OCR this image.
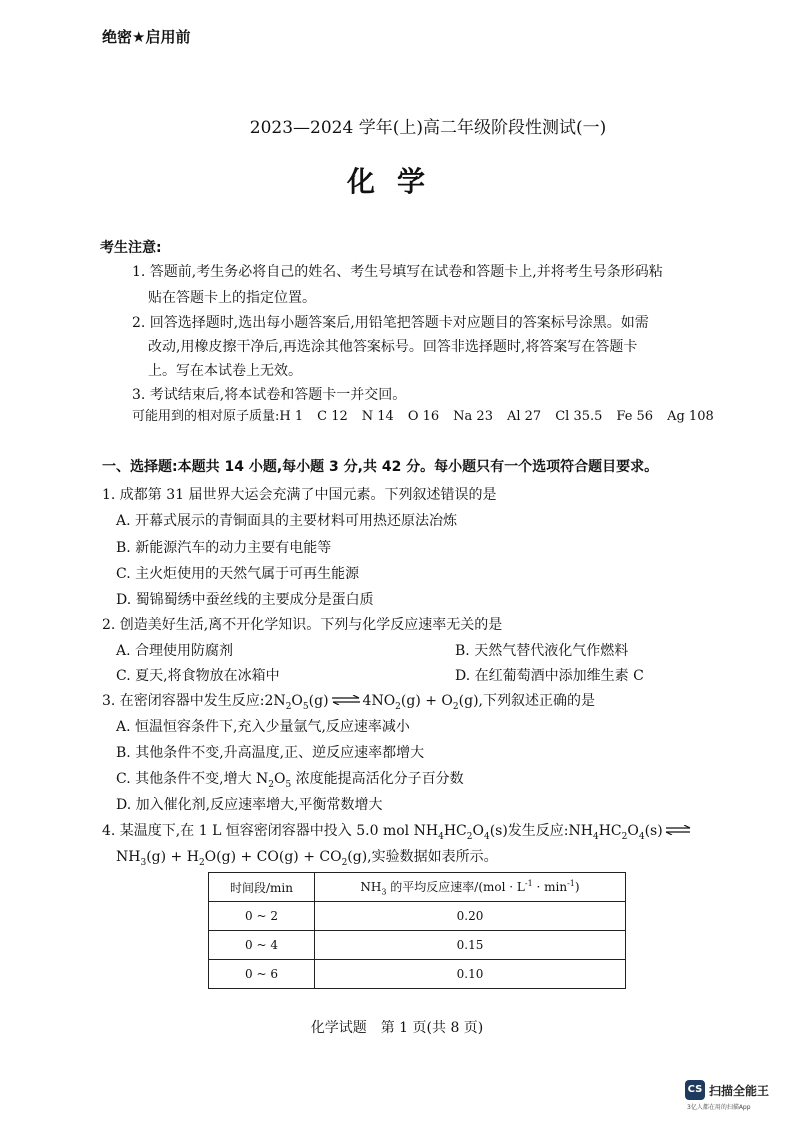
绝密★启用前
2023—2024 学年(上)高二年级阶段性测试(一)
化学
考生注意:
1. 答题前,考生务必将自己的姓名、考生号填写在试卷和答题卡上,并将考生号条形码粘
贴在答题卡上的指定位置。
2. 回答选择题时,选出每小题答案后,用铅笔把答题卡对应题目的答案标号涂黑。如需
改动,用橡皮擦干净后,再选涂其他答案标号。回答非选择题时,将答案写在答题卡
上。写在本试卷上无效。
3. 考试结束后,将本试卷和答题卡一并交回。
可能用到的相对原子质量:H 1 C 12 N 14 O 16 Na 23 Al 27 Cl 35.5 Fe 56 Ag 108
一、选择题:本题共 14 小题,每小题 3 分,共 42 分。每小题只有一个选项符合题目要求。
1. 成都第 31 届世界大运会充满了中国元素。下列叙述错误的是
A. 开幕式展示的青铜面具的主要材料可用热还原法冶炼
B. 新能源汽车的动力主要有电能等
C. 主火炬使用的天然气属于可再生能源
D. 蜀锦蜀绣中蚕丝线的主要成分是蛋白质
2. 创造美好生活,离不开化学知识。下列与化学反应速率无关的是
A. 合理使用防腐剂	B. 天然气替代液化气作燃料
C. 夏天,将食物放在冰箱中	D. 在红葡萄酒中添加维生素 C
3. 在密闭容器中发生反应$:2N_2O_5(g)$ ⇌ $4NO_2(g) + O_2(g)$,下列叙述正确的是
A. 恒温恒容条件下,充入少量氩气,反应速率减小
B. 其他条件不变,升高温度,正、逆反应速率都增大
C. 其他条件不变,增大 $N_2O_5$ 浓度能提高活化分子百分数
D. 加入催化剂,反应速率增大,平衡常数增大
4. 某温度下,在 1 L 恒容密闭容器中投入 5.0 mol $NH_4HC_2O_4(s)$发生反应$:NH_4HC_2O_4(s)$ ⇌
$NH_3(g) + H_2O(g) + CO(g) + CO_2(g)$,实验数据如表所示。
时间段/min	$NH_3$ 的平均反应速率$/(mol \cdot L^{-1} \cdot \min^{-1})$
0 ~ 2	0.20
0 ~ 4	0.15
0 ~ 6	0.10
化学试题　第 1 页(共 8 页)
CS 扫描全能王
3亿人都在用的扫描App
